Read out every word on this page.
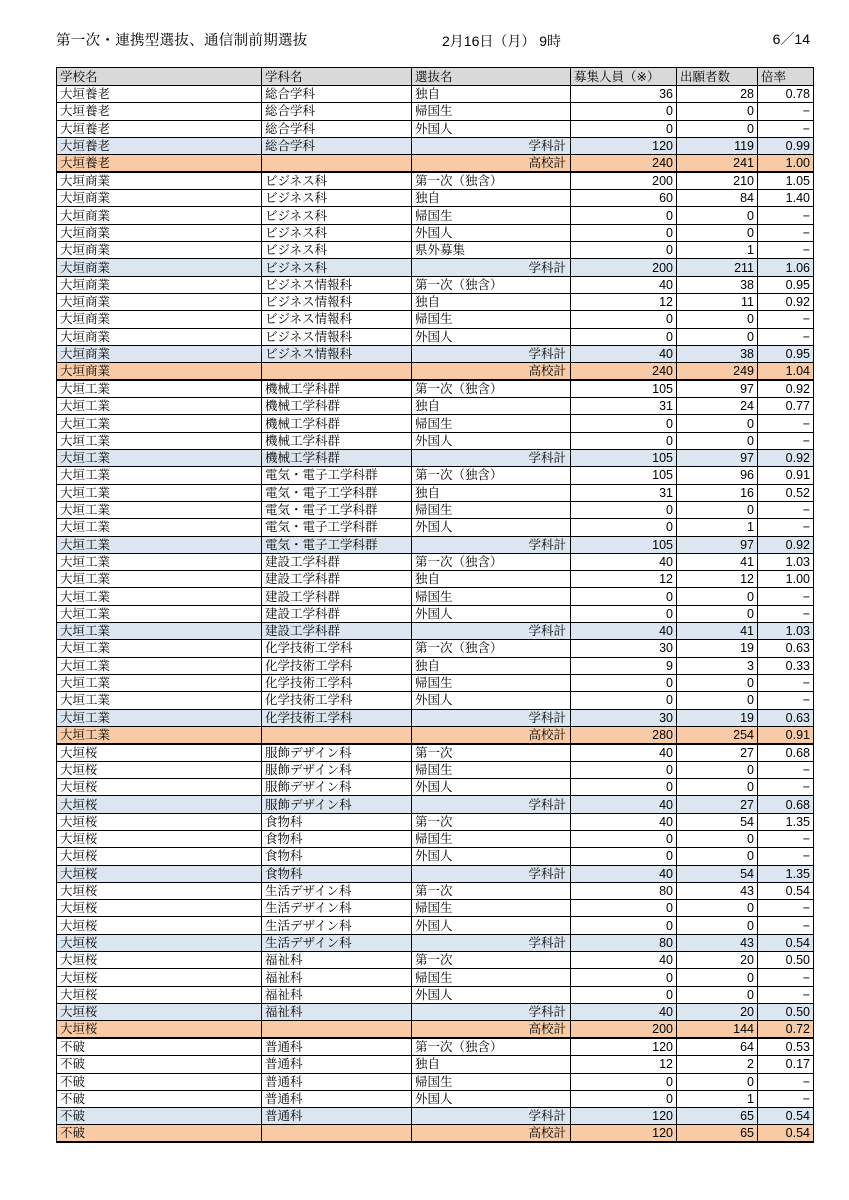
第一次・連携型選抜、通信制前期選抜	2月16日（月） 9時	6／14
学校名	学科名	選抜名	募集人員（※）	出願者数	倍率
大垣養老	総合学科	独自	36	28	0.78
大垣養老	総合学科	帰国生	0	0	−
大垣養老	総合学科	外国人	0	0	−
大垣養老	総合学科	学科計	120	119	0.99
大垣養老		高校計	240	241	1.00
大垣商業	ビジネス科	第一次（独含）	200	210	1.05
大垣商業	ビジネス科	独自	60	84	1.40
大垣商業	ビジネス科	帰国生	0	0	−
大垣商業	ビジネス科	外国人	0	0	−
大垣商業	ビジネス科	県外募集	0	1	−
大垣商業	ビジネス科	学科計	200	211	1.06
大垣商業	ビジネス情報科	第一次（独含）	40	38	0.95
大垣商業	ビジネス情報科	独自	12	11	0.92
大垣商業	ビジネス情報科	帰国生	0	0	−
大垣商業	ビジネス情報科	外国人	0	0	−
大垣商業	ビジネス情報科	学科計	40	38	0.95
大垣商業		高校計	240	249	1.04
大垣工業	機械工学科群	第一次（独含）	105	97	0.92
大垣工業	機械工学科群	独自	31	24	0.77
大垣工業	機械工学科群	帰国生	0	0	−
大垣工業	機械工学科群	外国人	0	0	−
大垣工業	機械工学科群	学科計	105	97	0.92
大垣工業	電気・電子工学科群	第一次（独含）	105	96	0.91
大垣工業	電気・電子工学科群	独自	31	16	0.52
大垣工業	電気・電子工学科群	帰国生	0	0	−
大垣工業	電気・電子工学科群	外国人	0	1	−
大垣工業	電気・電子工学科群	学科計	105	97	0.92
大垣工業	建設工学科群	第一次（独含）	40	41	1.03
大垣工業	建設工学科群	独自	12	12	1.00
大垣工業	建設工学科群	帰国生	0	0	−
大垣工業	建設工学科群	外国人	0	0	−
大垣工業	建設工学科群	学科計	40	41	1.03
大垣工業	化学技術工学科	第一次（独含）	30	19	0.63
大垣工業	化学技術工学科	独自	9	3	0.33
大垣工業	化学技術工学科	帰国生	0	0	−
大垣工業	化学技術工学科	外国人	0	0	−
大垣工業	化学技術工学科	学科計	30	19	0.63
大垣工業		高校計	280	254	0.91
大垣桜	服飾デザイン科	第一次	40	27	0.68
大垣桜	服飾デザイン科	帰国生	0	0	−
大垣桜	服飾デザイン科	外国人	0	0	−
大垣桜	服飾デザイン科	学科計	40	27	0.68
大垣桜	食物科	第一次	40	54	1.35
大垣桜	食物科	帰国生	0	0	−
大垣桜	食物科	外国人	0	0	−
大垣桜	食物科	学科計	40	54	1.35
大垣桜	生活デザイン科	第一次	80	43	0.54
大垣桜	生活デザイン科	帰国生	0	0	−
大垣桜	生活デザイン科	外国人	0	0	−
大垣桜	生活デザイン科	学科計	80	43	0.54
大垣桜	福祉科	第一次	40	20	0.50
大垣桜	福祉科	帰国生	0	0	−
大垣桜	福祉科	外国人	0	0	−
大垣桜	福祉科	学科計	40	20	0.50
大垣桜		高校計	200	144	0.72
不破	普通科	第一次（独含）	120	64	0.53
不破	普通科	独自	12	2	0.17
不破	普通科	帰国生	0	0	−
不破	普通科	外国人	0	1	−
不破	普通科	学科計	120	65	0.54
不破		高校計	120	65	0.54
